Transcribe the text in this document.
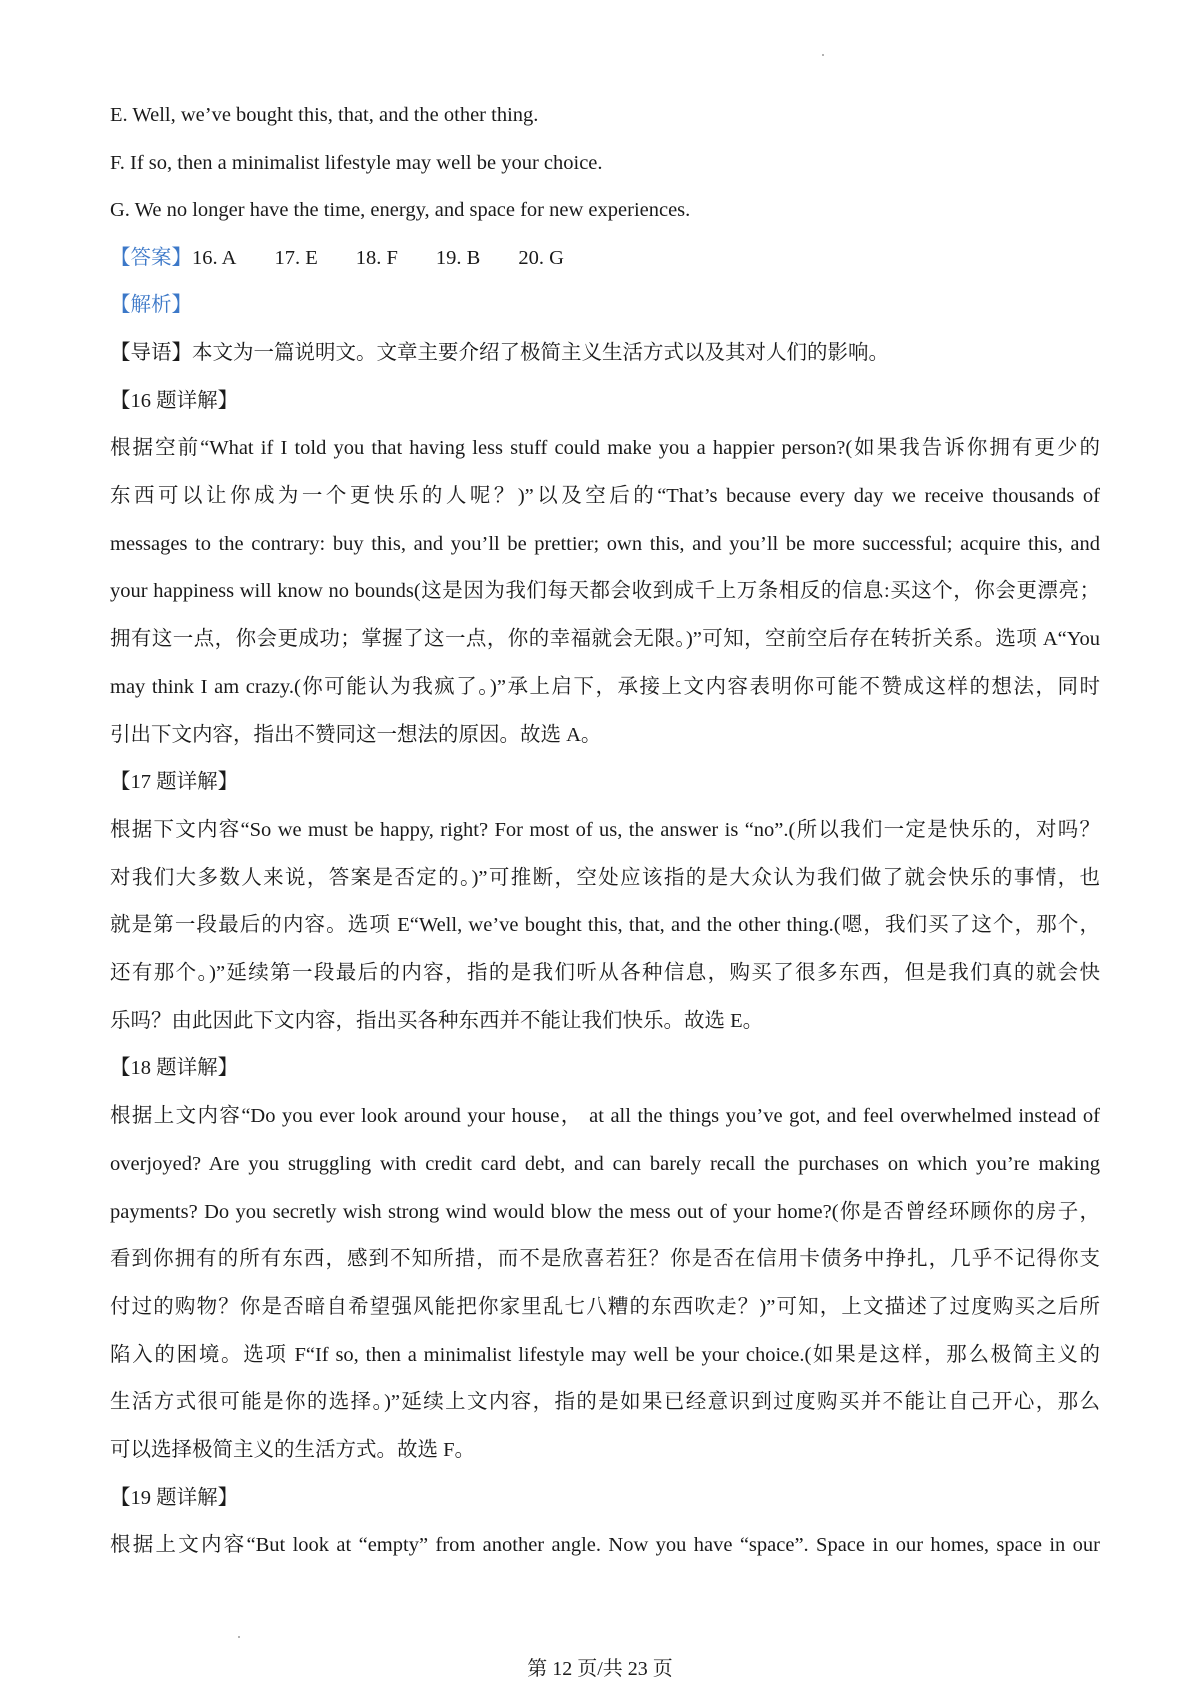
E. Well, we’ve bought this, that, and the other thing.

F. If so, then a minimalist lifestyle may well be your choice.

G. We no longer have the time, energy, and space for new experiences.

【答案】16. A 17. E 18. F 19. B 20. G

【解析】

【导语】本文为一篇说明文。文章主要介绍了极简主义生活方式以及其对人们的影响。

【16 题详解】

根据空前“What if I told you that having less stuff could make you a happier person?(如果我告诉你拥有更少的

东西可以让你成为一个更快乐的人呢？)”以及空后的“That’s because every day we receive thousands of

messages to the contrary: buy this, and you’ll be prettier; own this, and you’ll be more successful; acquire this, and

your happiness will know no bounds(这是因为我们每天都会收到成千上万条相反的信息:买这个，你会更漂亮；

拥有这一点，你会更成功；掌握了这一点，你的幸福就会无限。)”可知，空前空后存在转折关系。选项 A“You

may think I am crazy.(你可能认为我疯了。)”承上启下，承接上文内容表明你可能不赞成这样的想法，同时

引出下文内容，指出不赞同这一想法的原因。故选 A。

【17 题详解】

根据下文内容“So we must be happy, right? For most of us, the answer is “no”.(所以我们一定是快乐的，对吗？

对我们大多数人来说，答案是否定的。)”可推断，空处应该指的是大众认为我们做了就会快乐的事情，也

就是第一段最后的内容。选项 E“Well, we’ve bought this, that, and the other thing.(嗯，我们买了这个，那个，

还有那个。)”延续第一段最后的内容，指的是我们听从各种信息，购买了很多东西，但是我们真的就会快

乐吗？由此因此下文内容，指出买各种东西并不能让我们快乐。故选 E。

【18 题详解】

根据上文内容“Do you ever look around your house， at all the things you’ve got, and feel overwhelmed instead of

overjoyed? Are you struggling with credit card debt, and can barely recall the purchases on which you’re making

payments? Do you secretly wish strong wind would blow the mess out of your home?(你是否曾经环顾你的房子，

看到你拥有的所有东西，感到不知所措，而不是欣喜若狂？你是否在信用卡债务中挣扎，几乎不记得你支

付过的购物？你是否暗自希望强风能把你家里乱七八糟的东西吹走？)”可知，上文描述了过度购买之后所

陷入的困境。选项 F“If so, then a minimalist lifestyle may well be your choice.(如果是这样，那么极简主义的

生活方式很可能是你的选择。)”延续上文内容，指的是如果已经意识到过度购买并不能让自己开心，那么

可以选择极简主义的生活方式。故选 F。

【19 题详解】

根据上文内容“But look at “empty” from another angle. Now you have “space”. Space in our homes, space in our

第 12 页/共 23 页
